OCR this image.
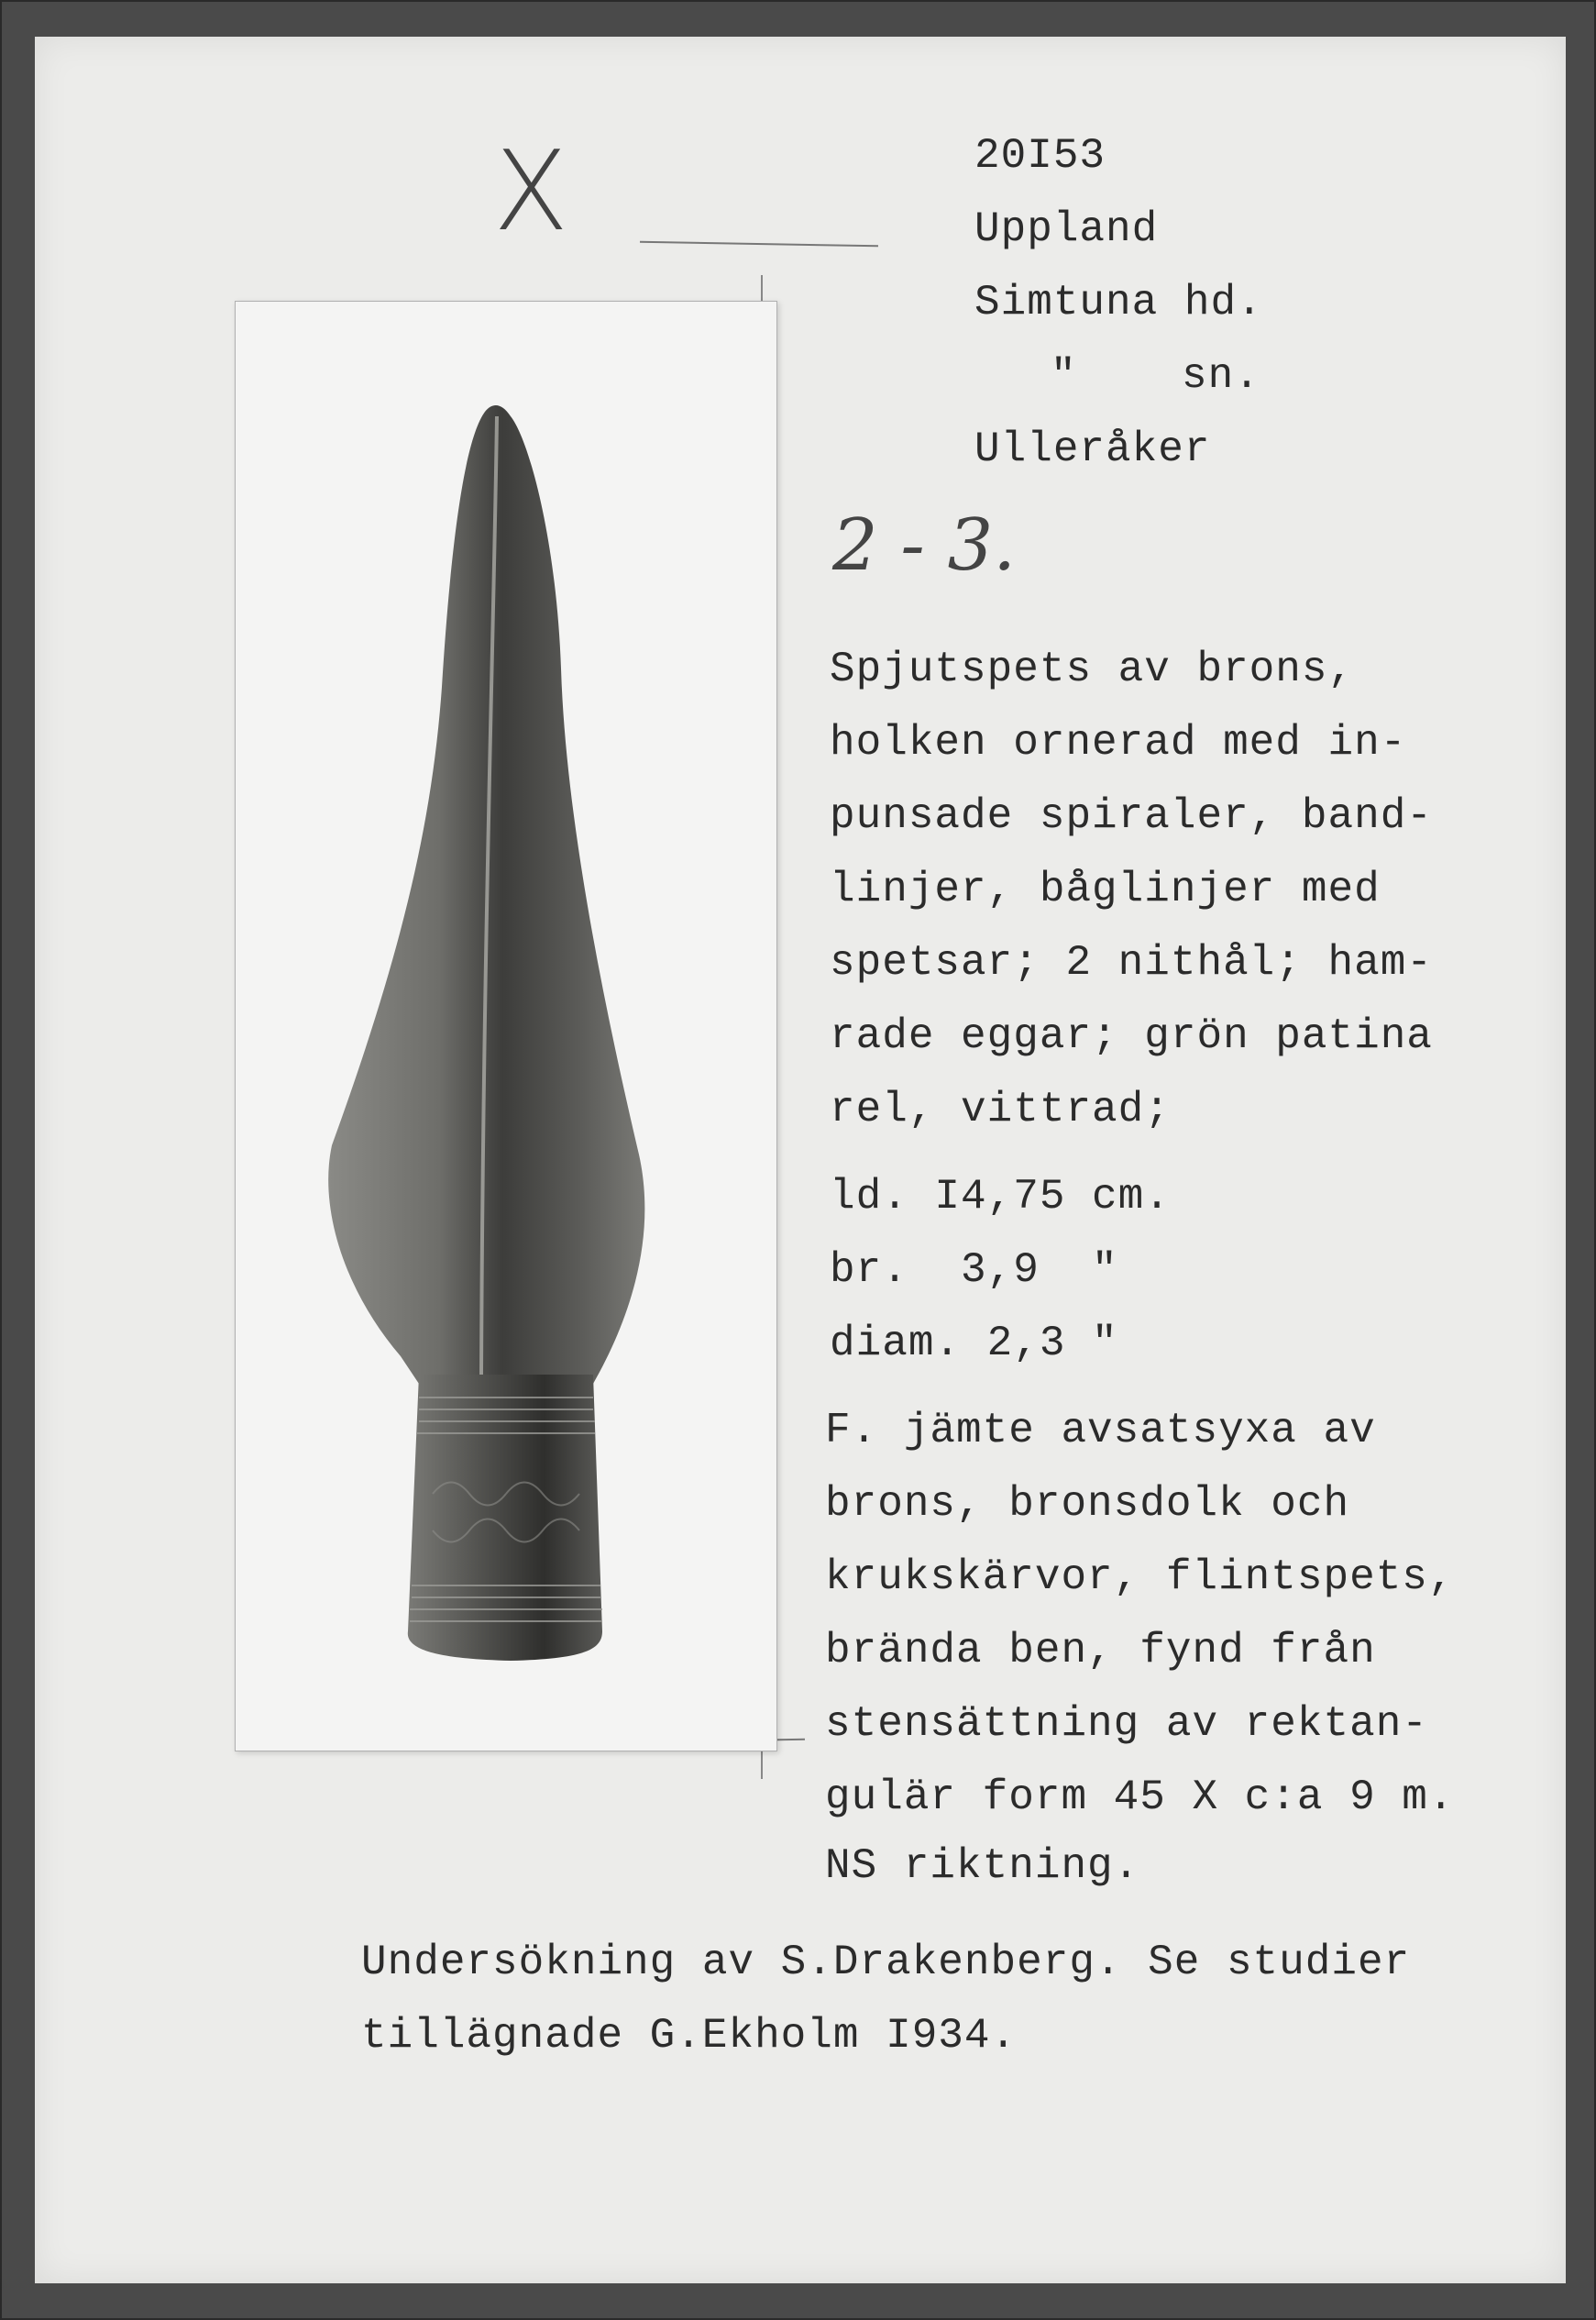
X	20I53
Uppland
Simtuna hd.
"    sn.
Ulleråker
2 - 3.
Spjutspets av brons,
holken ornerad med in-
punsade spiraler, band-
linjer, båglinjer med
spetsar; 2 nithål; ham-
rade eggar; grön patina
rel, vittrad;
ld. I4,75 cm.
br.  3,9  "
diam. 2,3 "
F. jämte avsatsyxa av
brons, bronsdolk och
krukskärvor, flintspets,
brända ben, fynd från
stensättning av rektan-
gulär form 45 X c:a 9 m.
NS riktning.
Undersökning av S.Drakenberg. Se studier
tillägnade G.Ekholm I934.
